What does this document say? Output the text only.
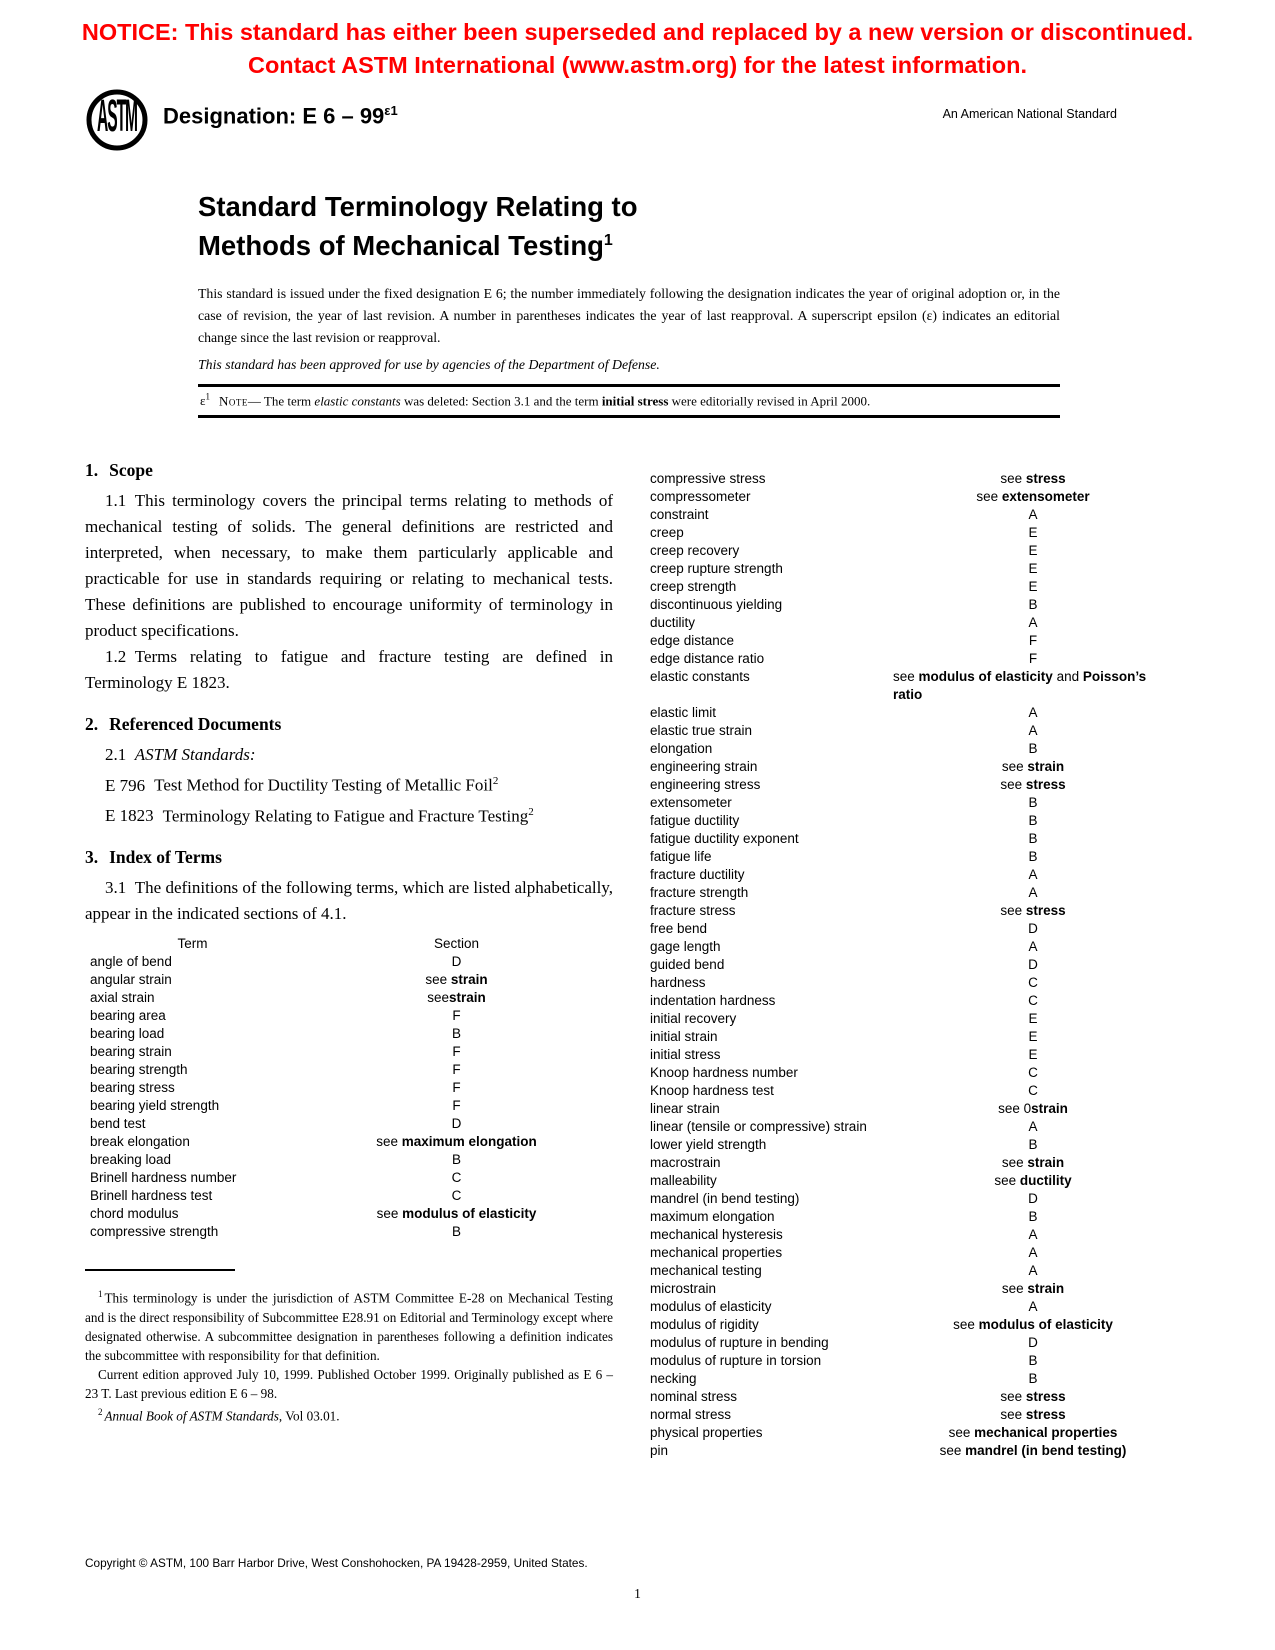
NOTICE: This standard has either been superseded and replaced by a new version or discontinued.
Contact ASTM International (www.astm.org) for the latest information.
ASTM Designation: E $6 - 99^{\varepsilon 1}$	An American National Standard
Standard Terminology Relating to
Methods of Mechanical Testing$^1$
This standard is issued under the fixed designation E 6; the number immediately following the designation indicates the year of original adoption or, in the case of revision, the year of last revision. A number in parentheses indicates the year of last reapproval. A superscript epsilon (ε) indicates an editorial change since the last revision or reapproval.
This standard has been approved for use by agencies of the Department of Defense.
$\varepsilon^1$ Note— The term elastic constants was deleted: Section 3.1 and the term initial stress were editorially revised in April 2000.
1. Scope

1.1 This terminology covers the principal terms relating to methods of mechanical testing of solids. The general definitions are restricted and interpreted, when necessary, to make them particularly applicable and practicable for use in standards requiring or relating to mechanical tests. These definitions are published to encourage uniformity of terminology in product specifications.

1.2 Terms relating to fatigue and fracture testing are defined in Terminology E 1823.

2. Referenced Documents
2.1  ASTM Standards:
E 796 Test Method for Ductility Testing of Metallic Foil$^2$
E 1823 Terminology Relating to Fatigue and Fracture Testing$^2$
3. Index of Terms

3.1 The definitions of the following terms, which are listed alphabetically, appear in the indicated sections of 4.1.

Term	Section
angle of bend	D
angular strain	see strain
axial strain	seestrain
bearing area	F
bearing load	B
bearing strain	F
bearing strength	F
bearing stress	F
bearing yield strength	F
bend test	D
break elongation	see maximum elongation
breaking load	B
Brinell hardness number	C
Brinell hardness test	C
chord modulus	see modulus of elasticity
compressive strength	B

$^1$ This terminology is under the jurisdiction of ASTM Committee E-28 on Mechanical Testing and is the direct responsibility of Subcommittee E28.91 on Editorial and Terminology except where designated otherwise. A subcommittee designation in parentheses following a definition indicates the subcommittee with responsibility for that definition.

Current edition approved July 10, 1999. Published October 1999. Originally published as E 6 – 23 T. Last previous edition E 6 – 98.

$^2$ Annual Book of ASTM Standards, Vol 03.01.

compressive stress	see stress
compressometer	see extensometer
constraint	A
creep	E
creep recovery	E
creep rupture strength	E
creep strength	E
discontinuous yielding	B
ductility	A
edge distance	F
edge distance ratio	F
elastic constants	see modulus of elasticity and Poisson’s ratio
elastic limit	A
elastic true strain	A
elongation	B
engineering strain	see strain
engineering stress	see stress
extensometer	B
fatigue ductility	B
fatigue ductility exponent	B
fatigue life	B
fracture ductility	A
fracture strength	A
fracture stress	see stress
free bend	D
gage length	A
guided bend	D
hardness	C
indentation hardness	C
initial recovery	E
initial strain	E
initial stress	E
Knoop hardness number	C
Knoop hardness test	C
linear strain	see 0strain
linear (tensile or compressive) strain	A
lower yield strength	B
macrostrain	see strain
malleability	see ductility
mandrel (in bend testing)	D
maximum elongation	B
mechanical hysteresis	A
mechanical properties	A
mechanical testing	A
microstrain	see strain
modulus of elasticity	A
modulus of rigidity	see modulus of elasticity
modulus of rupture in bending	D
modulus of rupture in torsion	B
necking	B
nominal stress	see stress
normal stress	see stress
physical properties	see mechanical properties
pin	see mandrel (in bend testing)
Copyright © ASTM, 100 Barr Harbor Drive, West Conshohocken, PA 19428-2959, United States.
1
